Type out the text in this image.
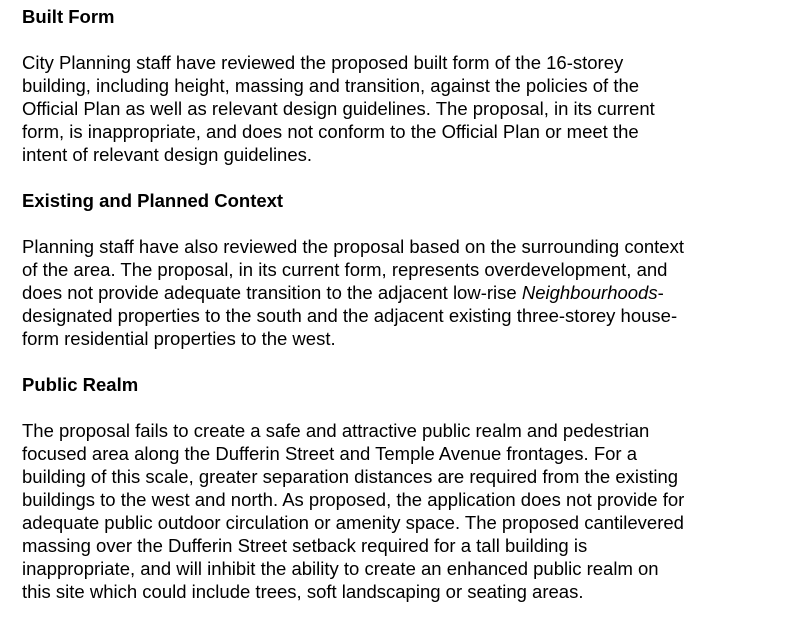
Built Form

City Planning staff have reviewed the proposed built form of the 16-storey
building, including height, massing and transition, against the policies of the
Official Plan as well as relevant design guidelines. The proposal, in its current
form, is inappropriate, and does not conform to the Official Plan or meet the
intent of relevant design guidelines.

Existing and Planned Context

Planning staff have also reviewed the proposal based on the surrounding context
of the area. The proposal, in its current form, represents overdevelopment, and
does not provide adequate transition to the adjacent low-rise Neighbourhoods-
designated properties to the south and the adjacent existing three-storey house-
form residential properties to the west.

Public Realm

The proposal fails to create a safe and attractive public realm and pedestrian
focused area along the Dufferin Street and Temple Avenue frontages. For a
building of this scale, greater separation distances are required from the existing
buildings to the west and north. As proposed, the application does not provide for
adequate public outdoor circulation or amenity space. The proposed cantilevered
massing over the Dufferin Street setback required for a tall building is
inappropriate, and will inhibit the ability to create an enhanced public realm on
this site which could include trees, soft landscaping or seating areas.
